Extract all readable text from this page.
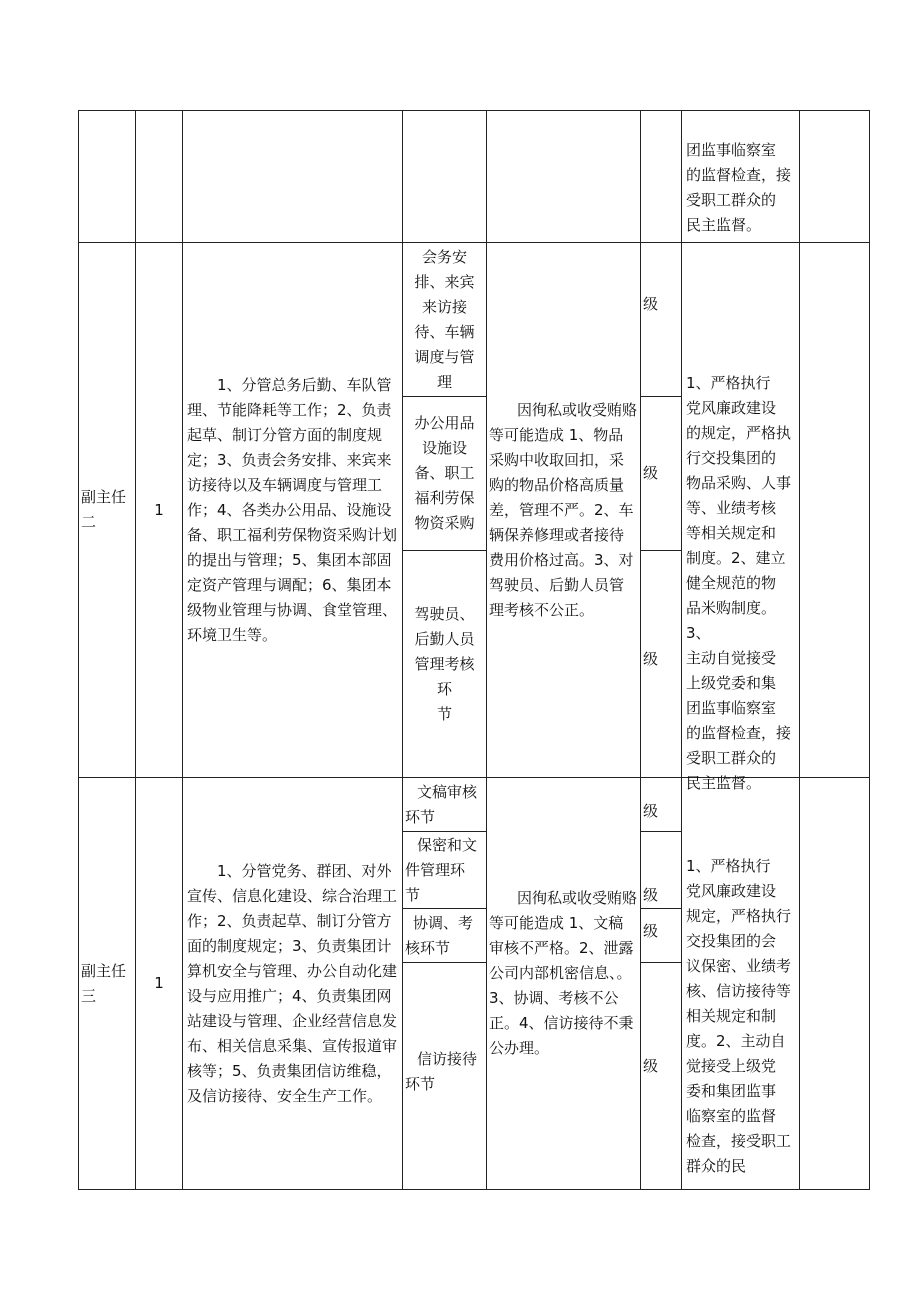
团监事临察室
的监督检查，接
受职工群众的
民主监督。
副主任
二
1
1、分管总务后勤、车队管理、节能降耗等工作；2、负责起草、制订分管方面的制度规定；3、负责会务安排、来宾来访接待以及车辆调度与管理工作；4、各类办公用品、设施设备、职工福利劳保物资采购计划的提出与管理；5、集团本部固定资产管理与调配；6、集团本级物业管理与协调、食堂管理、环境卫生等。
会务安
排、来宾
来访接
待、车辆
调度与管
理
办公用品
设施设
备、职工
福利劳保
物资采购
驾驶员、
后勤人员
管理考核
环
节
因徇私或收受贿赂等可能造成 1、物品采购中收取回扣，采购的物品价格高质量差，管理不严。2、车辆保养修理或者接待费用价格过高。3、对驾驶员、后勤人员管理考核不公正。
级
级
级
1、严格执行
党风廉政建设
的规定，严格执
行交投集团的
物品采购、人事
等、业绩考核
等相关规定和
制度。2、建立
健全规范的物
品米购制度。3、
主动自觉接受
上级党委和集
团监事临察室
的监督检查，接
受职工群众的
民主监督。
副主任
三
1
1、分管党务、群团、对外宣传、信息化建设、综合治理工作；2、负责起草、制订分管方面的制度规定；3、负责集团计算机安全与管理、办公自动化建设与应用推广；4、负责集团网站建设与管理、企业经营信息发布、相关信息采集、宣传报道审核等；5、负责集团信访维稳，及信访接待、安全生产工作。
文稿审核
环节
保密和文
件管理环
节
协调、考
核环节
信访接待
环节
因徇私或收受贿赂等可能造成 1、文稿审核不严格。2、泄露公司内部机密信息、。3、协调、考核不公正。4、信访接待不秉公办理。
级
级
级
级
1、严格执行
党风廉政建设
规定，严格执行
交投集团的会
议保密、业绩考
核、信访接待等
相关规定和制
度。2、主动自
觉接受上级党
委和集团监事
临察室的监督
检查，接受职工
群众的民
